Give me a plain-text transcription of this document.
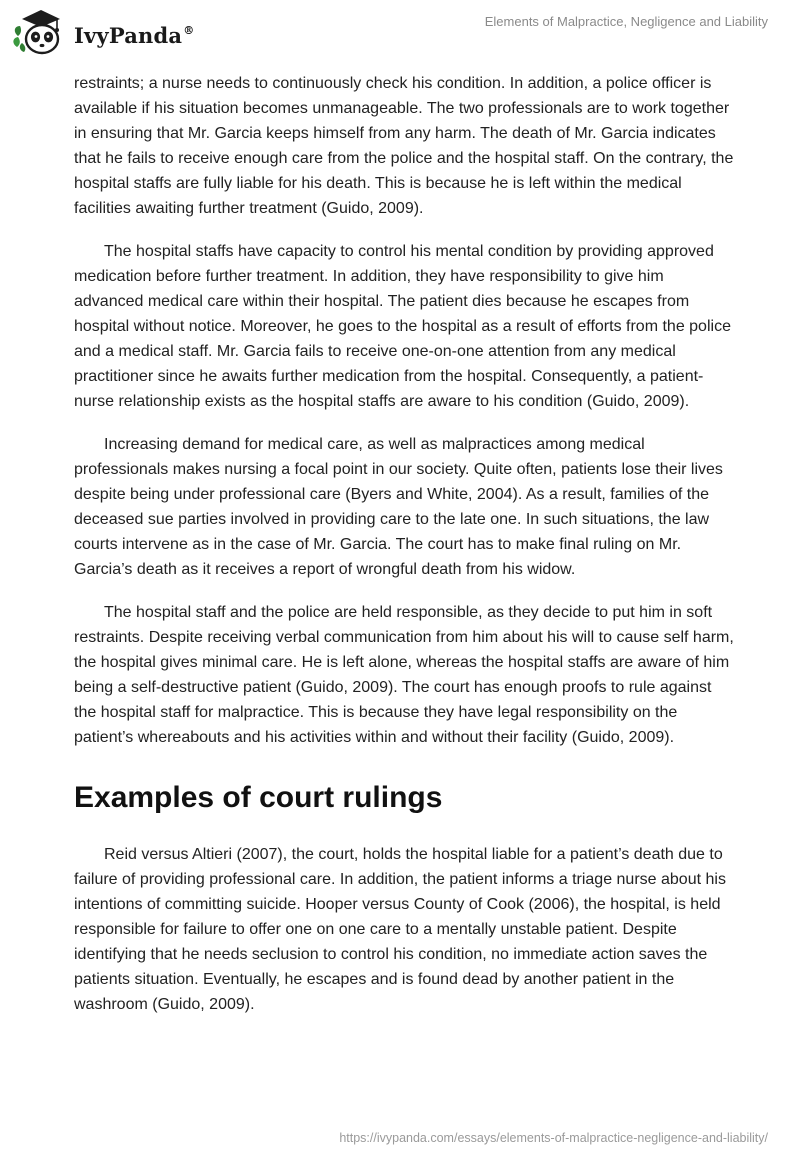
IvyPanda®
Elements of Malpractice, Negligence and Liability

restraints; a nurse needs to continuously check his condition. In addition, a police officer is available if his situation becomes unmanageable. The two professionals are to work together in ensuring that Mr. Garcia keeps himself from any harm. The death of Mr. Garcia indicates that he fails to receive enough care from the police and the hospital staff. On the contrary, the hospital staffs are fully liable for his death. This is because he is left within the medical facilities awaiting further treatment (Guido, 2009).

The hospital staffs have capacity to control his mental condition by providing approved medication before further treatment. In addition, they have responsibility to give him advanced medical care within their hospital. The patient dies because he escapes from hospital without notice. Moreover, he goes to the hospital as a result of efforts from the police and a medical staff. Mr. Garcia fails to receive one-on-one attention from any medical practitioner since he awaits further medication from the hospital. Consequently, a patient- nurse relationship exists as the hospital staffs are aware to his condition (Guido, 2009).

Increasing demand for medical care, as well as malpractices among medical professionals makes nursing a focal point in our society. Quite often, patients lose their lives despite being under professional care (Byers and White, 2004). As a result, families of the deceased sue parties involved in providing care to the late one. In such situations, the law courts intervene as in the case of Mr. Garcia. The court has to make final ruling on Mr. Garcia’s death as it receives a report of wrongful death from his widow.

The hospital staff and the police are held responsible, as they decide to put him in soft restraints. Despite receiving verbal communication from him about his will to cause self harm, the hospital gives minimal care. He is left alone, whereas the hospital staffs are aware of him being a self-destructive patient (Guido, 2009). The court has enough proofs to rule against the hospital staff for malpractice. This is because they have legal responsibility on the patient’s whereabouts and his activities within and without their facility (Guido, 2009).

Examples of court rulings

Reid versus Altieri (2007), the court, holds the hospital liable for a patient’s death due to failure of providing professional care. In addition, the patient informs a triage nurse about his intentions of committing suicide. Hooper versus County of Cook (2006), the hospital, is held responsible for failure to offer one on one care to a mentally unstable patient. Despite identifying that he needs seclusion to control his condition, no immediate action saves the patients situation. Eventually, he escapes and is found dead by another patient in the washroom (Guido, 2009).

https://ivypanda.com/essays/elements-of-malpractice-negligence-and-liability/
